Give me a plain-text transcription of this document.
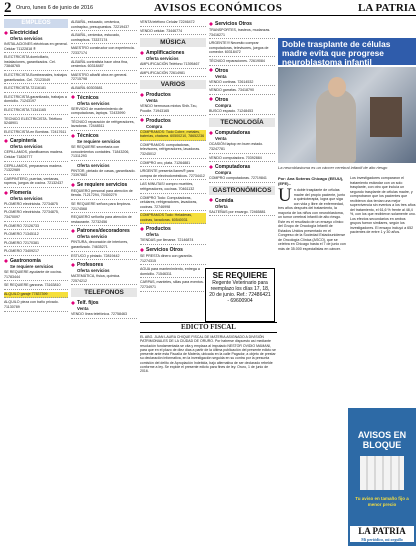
2 Oruro, lunes 6 de junio de 2016	AVISOS ECONÓMICOS	LA PATRIA
EMPLEOS
Electricidad
Oferta servicios
INSTALACIONES eléctricas en general. Celular 71122818 ®
ELECTRICISTA domiciliario, instalaciones, garantizados. Cel. 73848765
ELECTRICISTA Bombeanales, trabajos garantizados. Cel. 72123049
ELECTRICISTA 72116181
ELECTRICISTA garantizado, trabajos a domicilio. 71243197
ELECTRICISTA 71341165
TECNICO ELECTRICISTA. Teléfono 5248901
ELECTRICISTA en Bombas. 72417611
Carpintería
Oferta servicios
CEPILLAMOS, planificamos madera. Celular 71826777
CEPILLAMOS, preparamos madera. 71322989
CARPINTERO, puertas, ventanas, roperos, juegos de cocina. 72132437
Plomería
Oferta servicios
PLOMERO electricista. 72734875
PLOMERO electricista. 72734875, 73470097
PLOMERO 72126733
PLOMERO 71345112
PLOMERO 72170381
PLOMERO 73409217
Gastronomía
Se requiere servicios
SE REQUIERE ayudante de cocina. 71783444
SE REQUIERE garzona. 73163810
ALQUILO garaje 77837399
ALQUILO pieza con baño privado. 71130789
ALBAÑIL, estucado, cerámica, contrapiso, presupuestos. 72219437
ALBAÑIL, cerámica, estucado, contrapisos. 73337174
MAESTRO constructor con experiencia. 72337174
ALBAÑIL contratista hace obra fina, cerámica. 60318487
MAESTRO albañil obra en general. 72715798
ALBAÑIL 60303681
Técnicos
Oferta servicios
SERVICIO de mantenimiento de computadoras, laptops. 72433990
TÉCNICO reparación de refrigeradores, lavadoras. 72448511
Técnicos
Se requiere servicios
SE REQUIERE secretaria con conocimientos contables. 71843206, 71311293
Oferta servicios
PINTOR, pintado de casas, garantizado. 73397883
Se requiere servicios
REQUIERO personal para atención de tienda. 71217294, 70400279
SE REQUIERE señora para limpieza. 72174568
REQUIERO señorita para atención de restaurante. 72732456
Patrones/decoradores
Oferta servicio
PINTURA, decoración de interiores, garantizado. 74635271
ESTUCO y pintado. 72819442
Profesores
Oferta servicios
MATEMÁTICA, física, química. 72574212
TELEFONOS
Telf. fijos
Venta
VENDO línea telefónica. 72758463
VENTA teléfono Celular 72246472
VENDO celular. 73446774
MÚSICA
Amplificaciones
Oferta servicios
AMPLIFICACIÓN Teléfono 71395467
AMPLIFICACIÓN 72614981
VARIOS
Productos
Venta
VENDO hermosos mixtos Shih-Tzu, Poodle. 71943165
Productos
Compra
COMPRAMOS: Todo Cobre, metales, baterías, chatarra. 60500210, 78652236
COMPRAMOS: computadoras, televisores, refrigeradores, lavadoras. 73245012
COMPRO oro, plata. 71264881
URGENTE presenta llanes® para compra de electrodomésticos. 72734412
LAS MINUTAS! compro muebles, refrigeradores, cocinas. 70461132
COMPRO Todo: Computadoras, celulares, refrigeradores, lavadoras, cocinas. 72746998
COMPRAMOS Todo: Heladeras, cocinas, lavadoras. 60540031
Productos
Oferta
TIENDAS por llenarse. 72146874
Servicios Otros
SE PRESTA dinero con garantía. 71274315
AGUA para mantenimiento, entrega a domicilio. 71546311
CARPAS, manteles, sillas para eventos. 72734971
Servicios Otros
TRANSPORTES, trasteos, mudanzas. 73416271
URGENTE!!! Necesito comprar computadoras, televisores, juegos de comedor. 60318472
TÉCNICO reparaciones. 72619084
Otros
Venta
VENDO cortinas. 72614532
VENDO garrafas. 73418790
Otros
Compra
BUSCO espacio. 71248453
TECNOLOGÍA
Computadoras
Venta
OCASIÓN laptop en buen estado. 73247781
VENDO computadora. 70392884
Computadoras
Compra
COMPRO computadoras. 72719841
GASTRONÓMICOS
Comida
Oferta
SALTEÑAS por encargo. 72465881
Doble trasplante de células madre evita que progrese neuroblastoma infantil
La neuroblastoma es un cáncer cerebral infantil de alto riesgo
Por: Ana Soteras Chicago (EEUU), (EFE).-
Un doble trasplante de células madre del propio paciente, junto a quimioterapia, logra que siga con vida y libre de enfermedad, tres años después del tratamiento, la mayoría de los niños con neuroblastoma, un tumor cerebral infantil de alto riesgo. Este es el resultado de un ensayo clínico del Grupo de Oncología Infantil de Estados Unidos presentado en el Congreso de la Sociedad Estadounidense de Oncología Clínica (ASCO), que se celebra en Chicago hasta el 7 de junio con más de 35.000 especialistas en cáncer.
Los investigadores compararon el tratamiento estándar con un solo trasplante, con otro que incluía un segundo trasplante de células madre, y comprobaron que los pacientes que recibieron dos tenían una mejor supervivencia sin eventos a los tres años del tratamiento, el 61,6 % frente al 48,4 %, con los que recibieron solamente uno. Los efectos secundarios en ambos grupos fueron similares, según los investigadores. El ensayo incluyó a 652 pacientes de entre 1 y 30 años.
SE REQUIERE
Regente Veterinario para reemplazo los días 17, 18, 20 de junio. Ref.: 72486421 - 69600904
EDICTO FISCAL
EL ABG. JUAN LAURA CHIQUE FISCAL DE MATERIA ASIGNADO A DIVISIÓN PATRIMONIALES DE LA CIUDAD DE ORURO. Por haberse dispuesto así mediante resolución fundamentada se cita y emplaza al imputado NESTOR OVIDIO MAMANI, para que en el plazo de diez días a partir de la última publicación del presente edicto se presente ante esta Fiscalía de Materia, ubicada en la calle Pagador, a objeto de prestar su declaración informativa, en la investigación seguida en su contra por la presunta comisión del delito de Apropiación Indebida, bajo alternativa de ser declarado rebelde conforme a ley. Se expide el presente edicto para fines de ley. Oruro, 1 de junio de 2016.
AVISOS EN BLOQUE
Tu aviso en tamaño fijo a menor precio
LA PATRIA
Mi periódico, mi orgullo
